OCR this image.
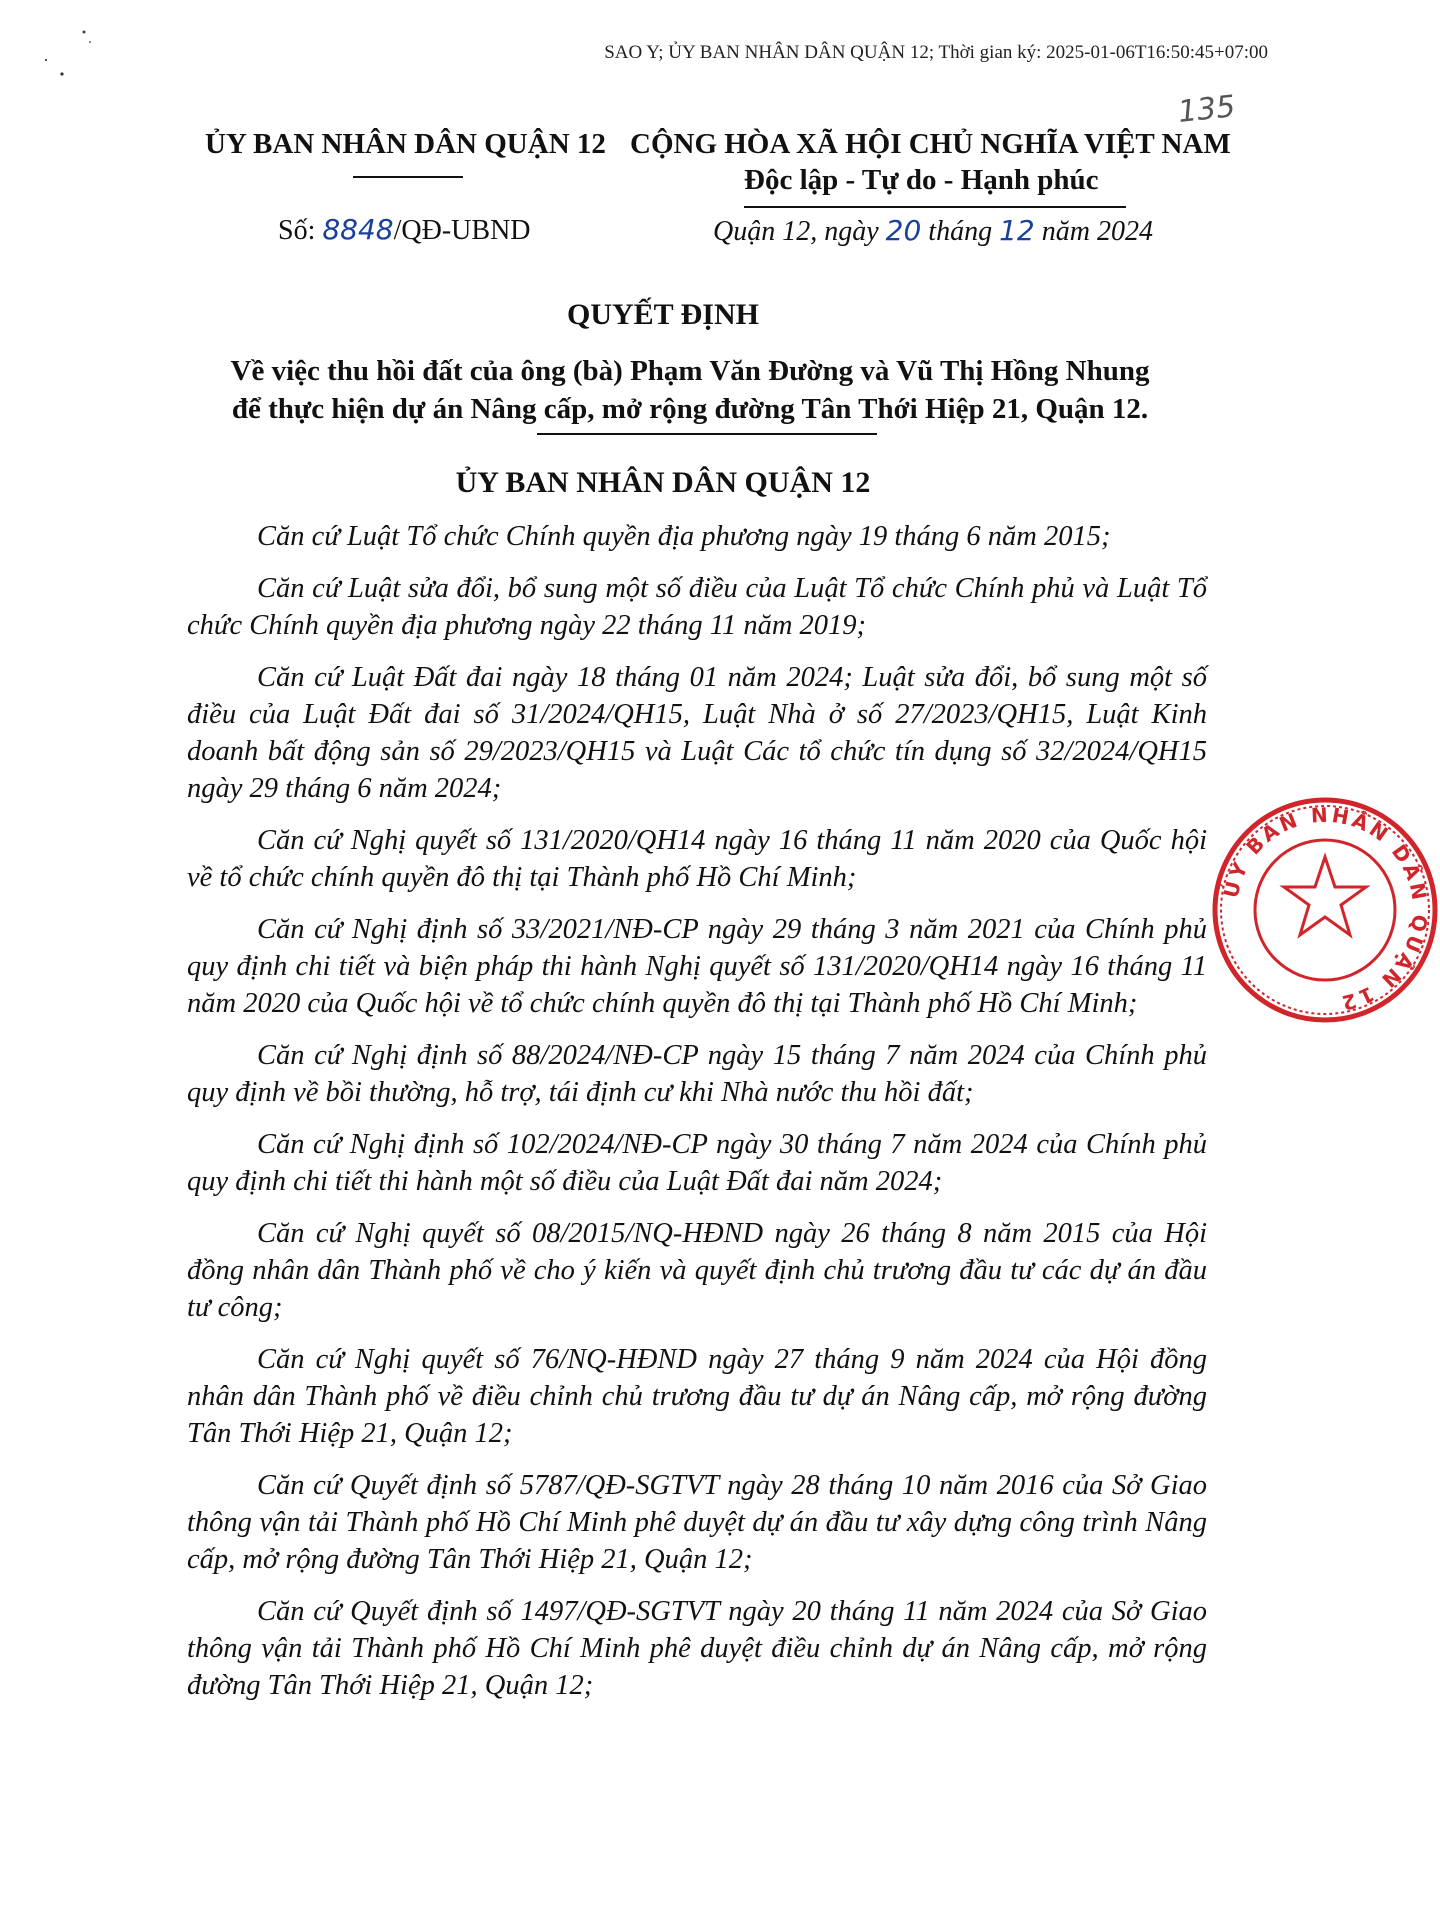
SAO Y; ỦY BAN NHÂN DÂN QUẬN 12; Thời gian ký: 2025-01-06T16:50:45+07:00
135
ỦY BAN NHÂN DÂN QUẬN 12 CỘNG HÒA XÃ HỘI CHỦ NGHĨA VIỆT NAM
Độc lập - Tự do - Hạnh phúc
Số: 8848/QĐ-UBND	Quận 12, ngày 20 tháng 12 năm 2024
QUYẾT ĐỊNH
Về việc thu hồi đất của ông (bà) Phạm Văn Đường và Vũ Thị Hồng Nhung
để thực hiện dự án Nâng cấp, mở rộng đường Tân Thới Hiệp 21, Quận 12.
ỦY BAN NHÂN DÂN QUẬN 12

Căn cứ Luật Tổ chức Chính quyền địa phương ngày 19 tháng 6 năm 2015;

Căn cứ Luật sửa đổi, bổ sung một số điều của Luật Tổ chức Chính phủ và Luật Tổ chức Chính quyền địa phương ngày 22 tháng 11 năm 2019;

Căn cứ Luật Đất đai ngày 18 tháng 01 năm 2024; Luật sửa đổi, bổ sung một số điều của Luật Đất đai số 31/2024/QH15, Luật Nhà ở số 27/2023/QH15, Luật Kinh doanh bất động sản số 29/2023/QH15 và Luật Các tổ chức tín dụng số 32/2024/QH15 ngày 29 tháng 6 năm 2024;

Căn cứ Nghị quyết số 131/2020/QH14 ngày 16 tháng 11 năm 2020 của Quốc hội về tổ chức chính quyền đô thị tại Thành phố Hồ Chí Minh;

Căn cứ Nghị định số 33/2021/NĐ-CP ngày 29 tháng 3 năm 2021 của Chính phủ quy định chi tiết và biện pháp thi hành Nghị quyết số 131/2020/QH14 ngày 16 tháng 11 năm 2020 của Quốc hội về tổ chức chính quyền đô thị tại Thành phố Hồ Chí Minh;

Căn cứ Nghị định số 88/2024/NĐ-CP ngày 15 tháng 7 năm 2024 của Chính phủ quy định về bồi thường, hỗ trợ, tái định cư khi Nhà nước thu hồi đất;

Căn cứ Nghị định số 102/2024/NĐ-CP ngày 30 tháng 7 năm 2024 của Chính phủ quy định chi tiết thi hành một số điều của Luật Đất đai năm 2024;

Căn cứ Nghị quyết số 08/2015/NQ-HĐND ngày 26 tháng 8 năm 2015 của Hội đồng nhân dân Thành phố về cho ý kiến và quyết định chủ trương đầu tư các dự án đầu tư công;

Căn cứ Nghị quyết số 76/NQ-HĐND ngày 27 tháng 9 năm 2024 của Hội đồng nhân dân Thành phố về điều chỉnh chủ trương đầu tư dự án Nâng cấp, mở rộng đường Tân Thới Hiệp 21, Quận 12;

Căn cứ Quyết định số 5787/QĐ-SGTVT ngày 28 tháng 10 năm 2016 của Sở Giao thông vận tải Thành phố Hồ Chí Minh phê duyệt dự án đầu tư xây dựng công trình Nâng cấp, mở rộng đường Tân Thới Hiệp 21, Quận 12;

Căn cứ Quyết định số 1497/QĐ-SGTVT ngày 20 tháng 11 năm 2024 của Sở Giao thông vận tải Thành phố Hồ Chí Minh phê duyệt điều chỉnh dự án Nâng cấp, mở rộng đường Tân Thới Hiệp 21, Quận 12;

ỦY BAN NHÂN DÂN QUẬN 12
